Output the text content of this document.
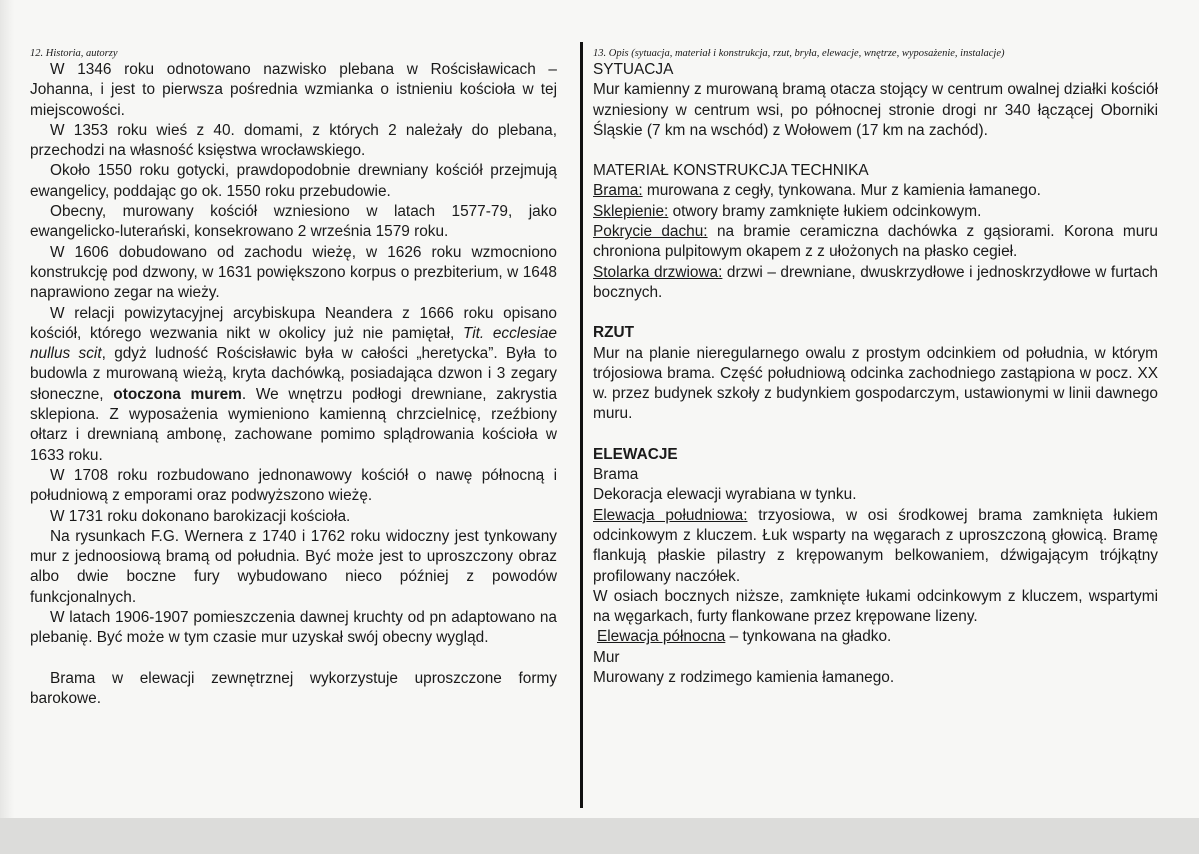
12. Historia, autorzy

W 1346 roku odnotowano nazwisko plebana w Rościsławicach – Johanna, i jest to pierwsza pośrednia wzmianka o istnieniu kościoła w tej miejscowości.

W 1353 roku wieś z 40. domami, z których 2 należały do plebana, przechodzi na własność księstwa wrocławskiego.

Około 1550 roku gotycki, prawdopodobnie drewniany kościół przejmują ewangelicy, poddając go ok. 1550 roku przebudowie.

Obecny, murowany kościół wzniesiono w latach 1577-79, jako ewangelicko-luterański, konsekrowano 2 września 1579 roku.

W 1606 dobudowano od zachodu wieżę, w 1626 roku wzmocniono konstrukcję pod dzwony, w 1631 powiększono korpus o prezbiterium, w 1648 naprawiono zegar na wieży.

W relacji powizytacyjnej arcybiskupa Neandera z 1666 roku opisano kościół, którego wezwania nikt w okolicy już nie pamiętał, Tit. ecclesiae nullus scit, gdyż ludność Rościsławic była w całości „heretycka”. Była to budowla z murowaną wieżą, kryta dachówką, posiadająca dzwon i 3 zegary słoneczne, otoczona murem. We wnętrzu podłogi drewniane, zakrystia sklepiona. Z wyposażenia wymieniono kamienną chrzcielnicę, rzeźbiony ołtarz i drewnianą ambonę, zachowane pomimo splądrowania kościoła w 1633 roku.

W 1708 roku rozbudowano jednonawowy kościół o nawę północną i południową z emporami oraz podwyższono wieżę.

W 1731 roku dokonano barokizacji kościoła.

Na rysunkach F.G. Wernera z 1740 i 1762 roku widoczny jest tynkowany mur z jednoosiową bramą od południa. Być może jest to uproszczony obraz albo dwie boczne fury wybudowano nieco później z powodów funkcjonalnych.

W latach 1906-1907 pomieszczenia dawnej kruchty od pn adaptowano na plebanię. Być może w tym czasie mur uzyskał swój obecny wygląd.

Brama w elewacji zewnętrznej wykorzystuje uproszczone formy barokowe.

13. Opis (sytuacja, materiał i konstrukcja, rzut, bryła, elewacje, wnętrze, wyposażenie, instalacje)
SYTUACJA

Mur kamienny z murowaną bramą otacza stojący w centrum owalnej działki kościół wzniesiony w centrum wsi, po północnej stronie drogi nr 340 łączącej Oborniki Śląskie (7 km na wschód) z Wołowem (17 km na zachód).

MATERIAŁ KONSTRUKCJA TECHNIKA

Brama: murowana z cegły, tynkowana. Mur z kamienia łamanego.

Sklepienie: otwory bramy zamknięte łukiem odcinkowym.

Pokrycie dachu: na bramie ceramiczna dachówka z gąsiorami. Korona muru chroniona pulpitowym okapem z z ułożonych na płasko cegieł.

Stolarka drzwiowa: drzwi – drewniane, dwuskrzydłowe i jednoskrzydłowe w furtach bocznych.

RZUT

Mur na planie nieregularnego owalu z prostym odcinkiem od południa, w którym trójosiowa brama. Część południową odcinka zachodniego zastąpiona w pocz. XX w. przez budynek szkoły z budynkiem gospodarczym, ustawionymi w linii dawnego muru.

ELEWACJE
Brama

Dekoracja elewacji wyrabiana w tynku.

Elewacja południowa: trzyosiowa, w osi środkowej brama zamknięta łukiem odcinkowym z kluczem. Łuk wsparty na węgarach z uproszczoną głowicą. Bramę flankują płaskie pilastry z krępowanym belkowaniem, dźwigającym trójkątny profilowany naczółek.

W osiach bocznych niższe, zamknięte łukami odcinkowym z kluczem, wspartymi na węgarkach, furty flankowane przez krępowane lizeny.

Elewacja północna – tynkowana na gładko.

Mur

Murowany z rodzimego kamienia łamanego.
